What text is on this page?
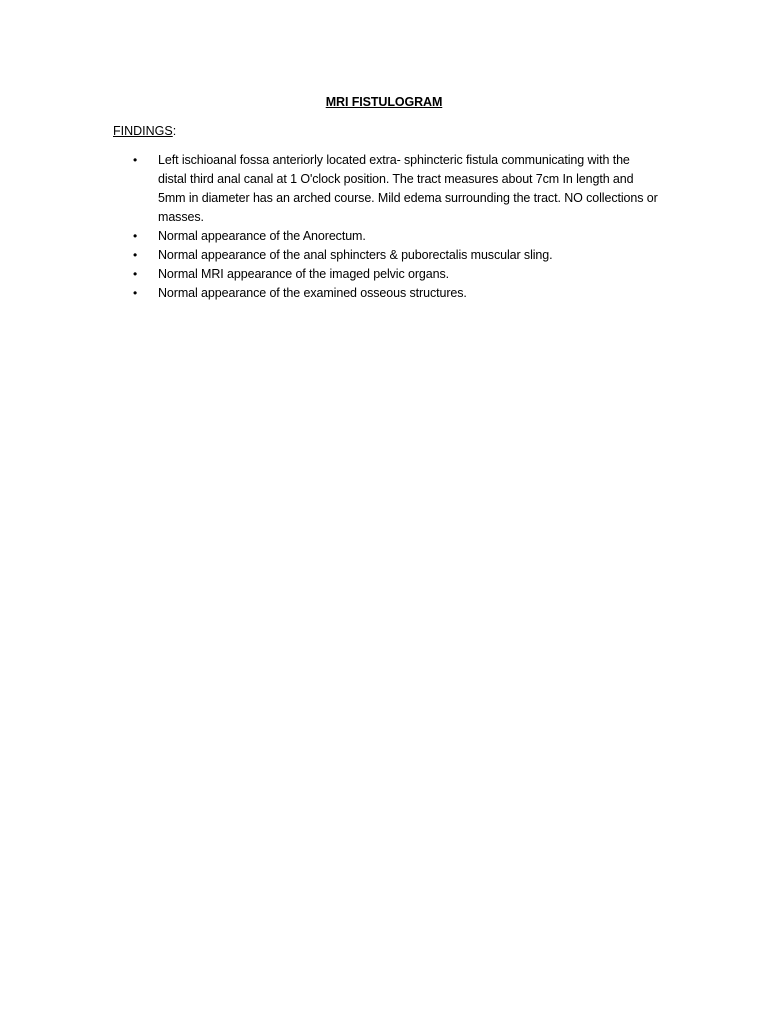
MRI FISTULOGRAM
FINDINGS:
• Left ischioanal fossa anteriorly located extra- sphincteric fistula communicating with the distal third anal canal at 1 O'clock position. The tract measures about 7cm In length and 5mm in diameter has an arched course. Mild edema surrounding the tract. NO collections or masses.
• Normal appearance of the Anorectum.
• Normal appearance of the anal sphincters & puborectalis muscular sling.
• Normal MRI appearance of the imaged pelvic organs.
• Normal appearance of the examined osseous structures.
